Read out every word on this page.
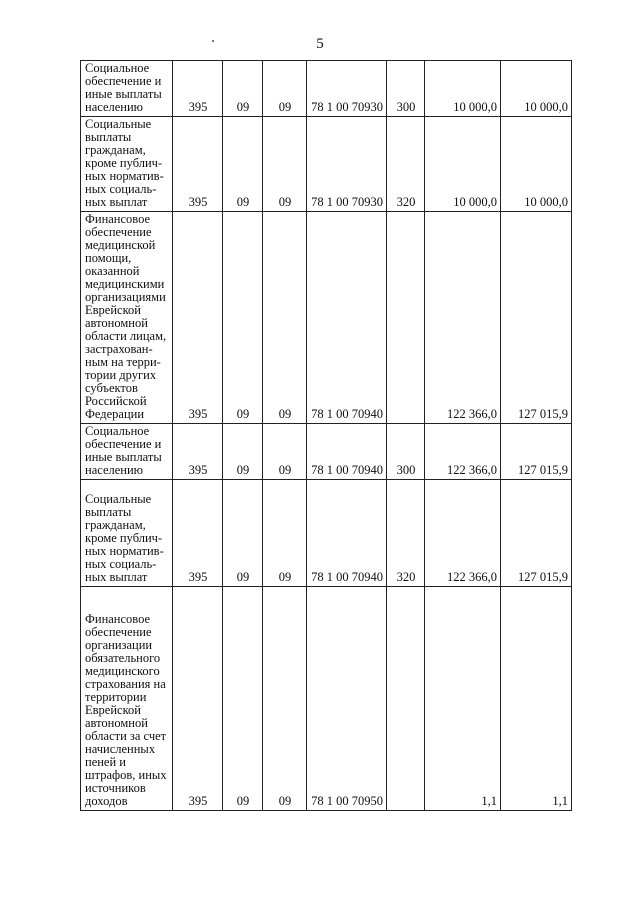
5
Социальное обеспечение и иные выплаты населению	395	09	09	78 1 00 70930	300	10 000,0	10 000,0
Социальные выплаты гражданам, кроме публич-ных норматив-ных социаль-ных выплат	395	09	09	78 1 00 70930	320	10 000,0	10 000,0
Финансовое обеспечение медицинской помощи, оказанной медицинскими организациями Еврейской автономной области лицам, застрахован-ным на терри-тории других субъектов Российской Федерации	395	09	09	78 1 00 70940		122 366,0	127 015,9
Социальное обеспечение и иные выплаты населению	395	09	09	78 1 00 70940	300	122 366,0	127 015,9
Социальные выплаты гражданам, кроме публич-ных норматив-ных социаль-ных выплат	395	09	09	78 1 00 70940	320	122 366,0	127 015,9
Финансовое обеспечение организации обязательного медицинского страхования на территории Еврейской автономной области за счет начисленных пеней и штрафов, иных источников доходов	395	09	09	78 1 00 70950		1,1	1,1
